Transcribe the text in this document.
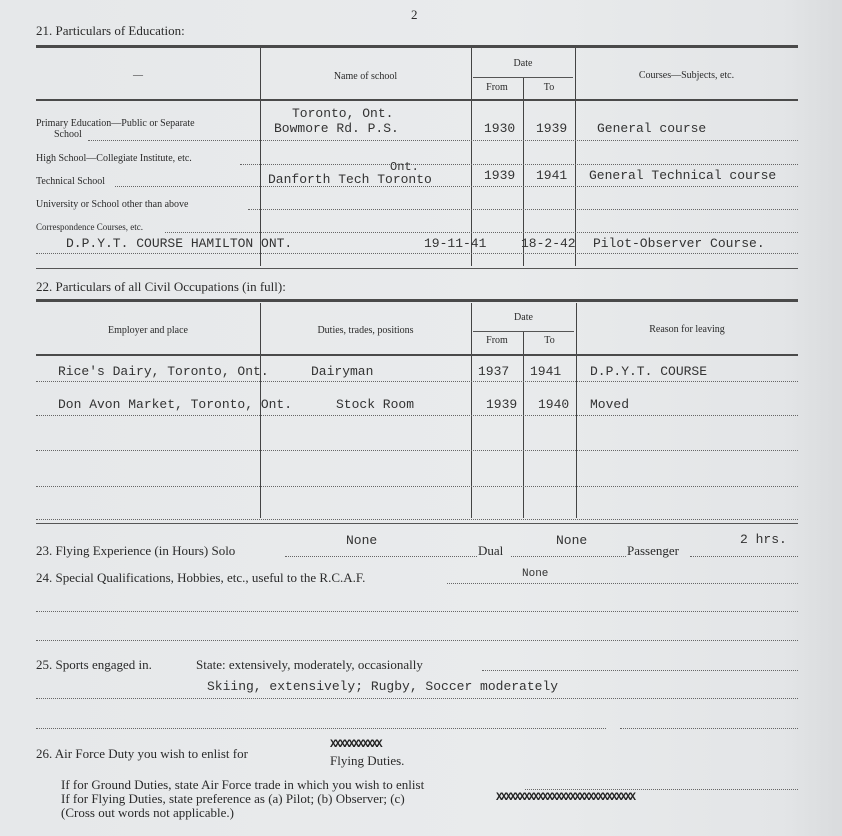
2
21. Particulars of Education:
—	Name of school
Date
From	To
Courses—Subjects, etc.
Primary Education—Public or Separate
School
Toronto, Ont.
Bowmore Rd. P.S.	1930 1939 General course
High School—Collegiate Institute, etc.
Technical School
Ont.
Danforth Tech Toronto	1939 1941 General Technical course
University or School other than above
Correspondence Courses, etc.
D.P.Y.T. COURSE HAMILTON ONT.	19-11-41	18-2-42 Pilot-Observer Course.
22. Particulars of all Civil Occupations (in full):
Employer and place	Duties, trades, positions
Date
From	To
Reason for leaving
Rice's Dairy, Toronto, Ont.	Dairyman	1937 1941 D.P.Y.T. COURSE
Don Avon Market, Toronto, Ont.	Stock Room	1939 1940 Moved
23. Flying Experience (in Hours) Solo
None
Dual
None
Passenger
2 hrs.
24. Special Qualifications, Hobbies, etc., useful to the R.C.A.F.	None
25. Sports engaged in.	State: extensively, moderately, occasionally
Skiing, extensively; Rugby, Soccer moderately
26. Air Force Duty you wish to enlist for
XXXXXXXXXXX
Flying Duties.
If for Ground Duties, state Air Force trade in which you wish to enlist
If for Flying Duties, state preference as (a) Pilot; (b) Observer; (c)	XXXXXXXXXXXXXXXXXXXXXXXXXXXXXX
(Cross out words not applicable.)
